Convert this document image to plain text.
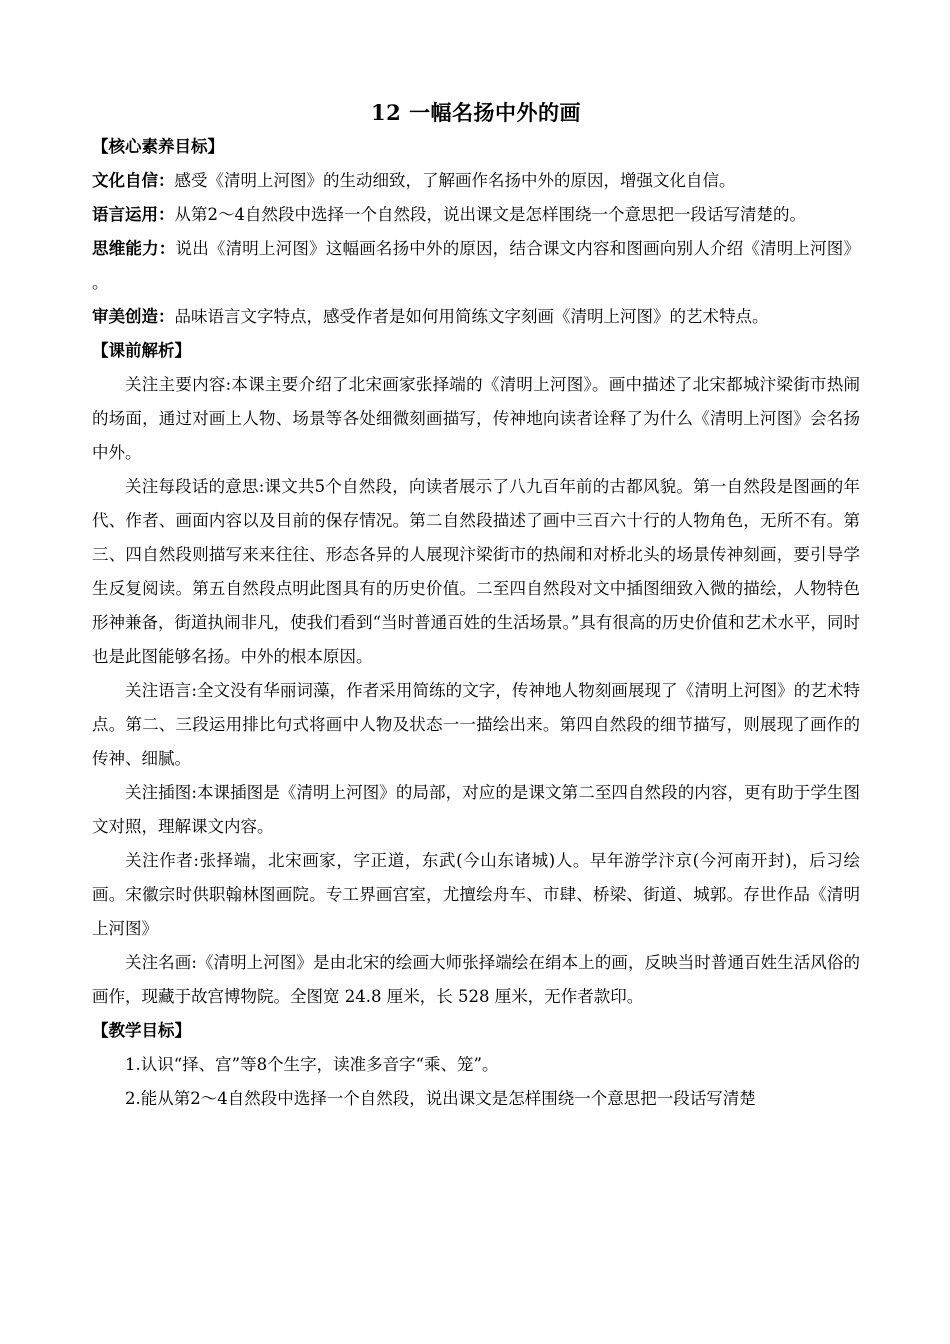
12 一幅名扬中外的画

【核心素养目标】

文化自信：感受《清明上河图》的生动细致，了解画作名扬中外的原因，增强文化自信。

语言运用：从第2～4自然段中选择一个自然段，说出课文是怎样围绕一个意思把一段话写清楚的。

思维能力：说出《清明上河图》这幅画名扬中外的原因，结合课文内容和图画向别人介绍《清明上河图》 。

审美创造：品味语言文字特点，感受作者是如何用简练文字刻画《清明上河图》的艺术特点。

【课前解析】

关注主要内容:本课主要介绍了北宋画家张择端的《清明上河图》。画中描述了北宋都城汴梁街市热闹的场面，通过对画上人物、场景等各处细微刻画描写，传神地向读者诠释了为什么《清明上河图》会名扬中外。

关注每段话的意思:课文共5个自然段，向读者展示了八九百年前的古都风貌。第一自然段是图画的年代、作者、画面内容以及目前的保存情况。第二自然段描述了画中三百六十行的人物角色，无所不有。第三、四自然段则描写来来往往、形态各异的人展现汴梁街市的热闹和对桥北头的场景传神刻画，要引导学生反复阅读。第五自然段点明此图具有的历史价值。二至四自然段对文中插图细致入微的描绘，人物特色形神兼备，街道执闹非凡，使我们看到“当时普通百姓的生活场景。”具有很高的历史价值和艺术水平，同时也是此图能够名扬。中外的根本原因。

关注语言:全文没有华丽词藻，作者采用简练的文字，传神地人物刻画展现了《清明上河图》的艺术特点。第二、三段运用排比句式将画中人物及状态一一描绘出来。第四自然段的细节描写，则展现了画作的传神、细腻。

关注插图:本课插图是《清明上河图》的局部，对应的是课文第二至四自然段的内容，更有助于学生图文对照，理解课文内容。

关注作者:张择端，北宋画家，字正道，东武(今山东诸城)人。早年游学汴京(今河南开封)，后习绘画。宋徽宗时供职翰林图画院。专工界画宫室，尤擅绘舟车、市肆、桥梁、街道、城郭。存世作品《清明上河图》

关注名画:《清明上河图》是由北宋的绘画大师张择端绘在绢本上的画，反映当时普通百姓生活风俗的画作，现藏于故宫博物院。全图宽 24.8 厘米，长 528 厘米，无作者款印。

【教学目标】

1.认识“择、宫”等8个生字，读准多音字“乘、笼”。

2.能从第2～4自然段中选择一个自然段，说出课文是怎样围绕一个意思把一段话写清楚
